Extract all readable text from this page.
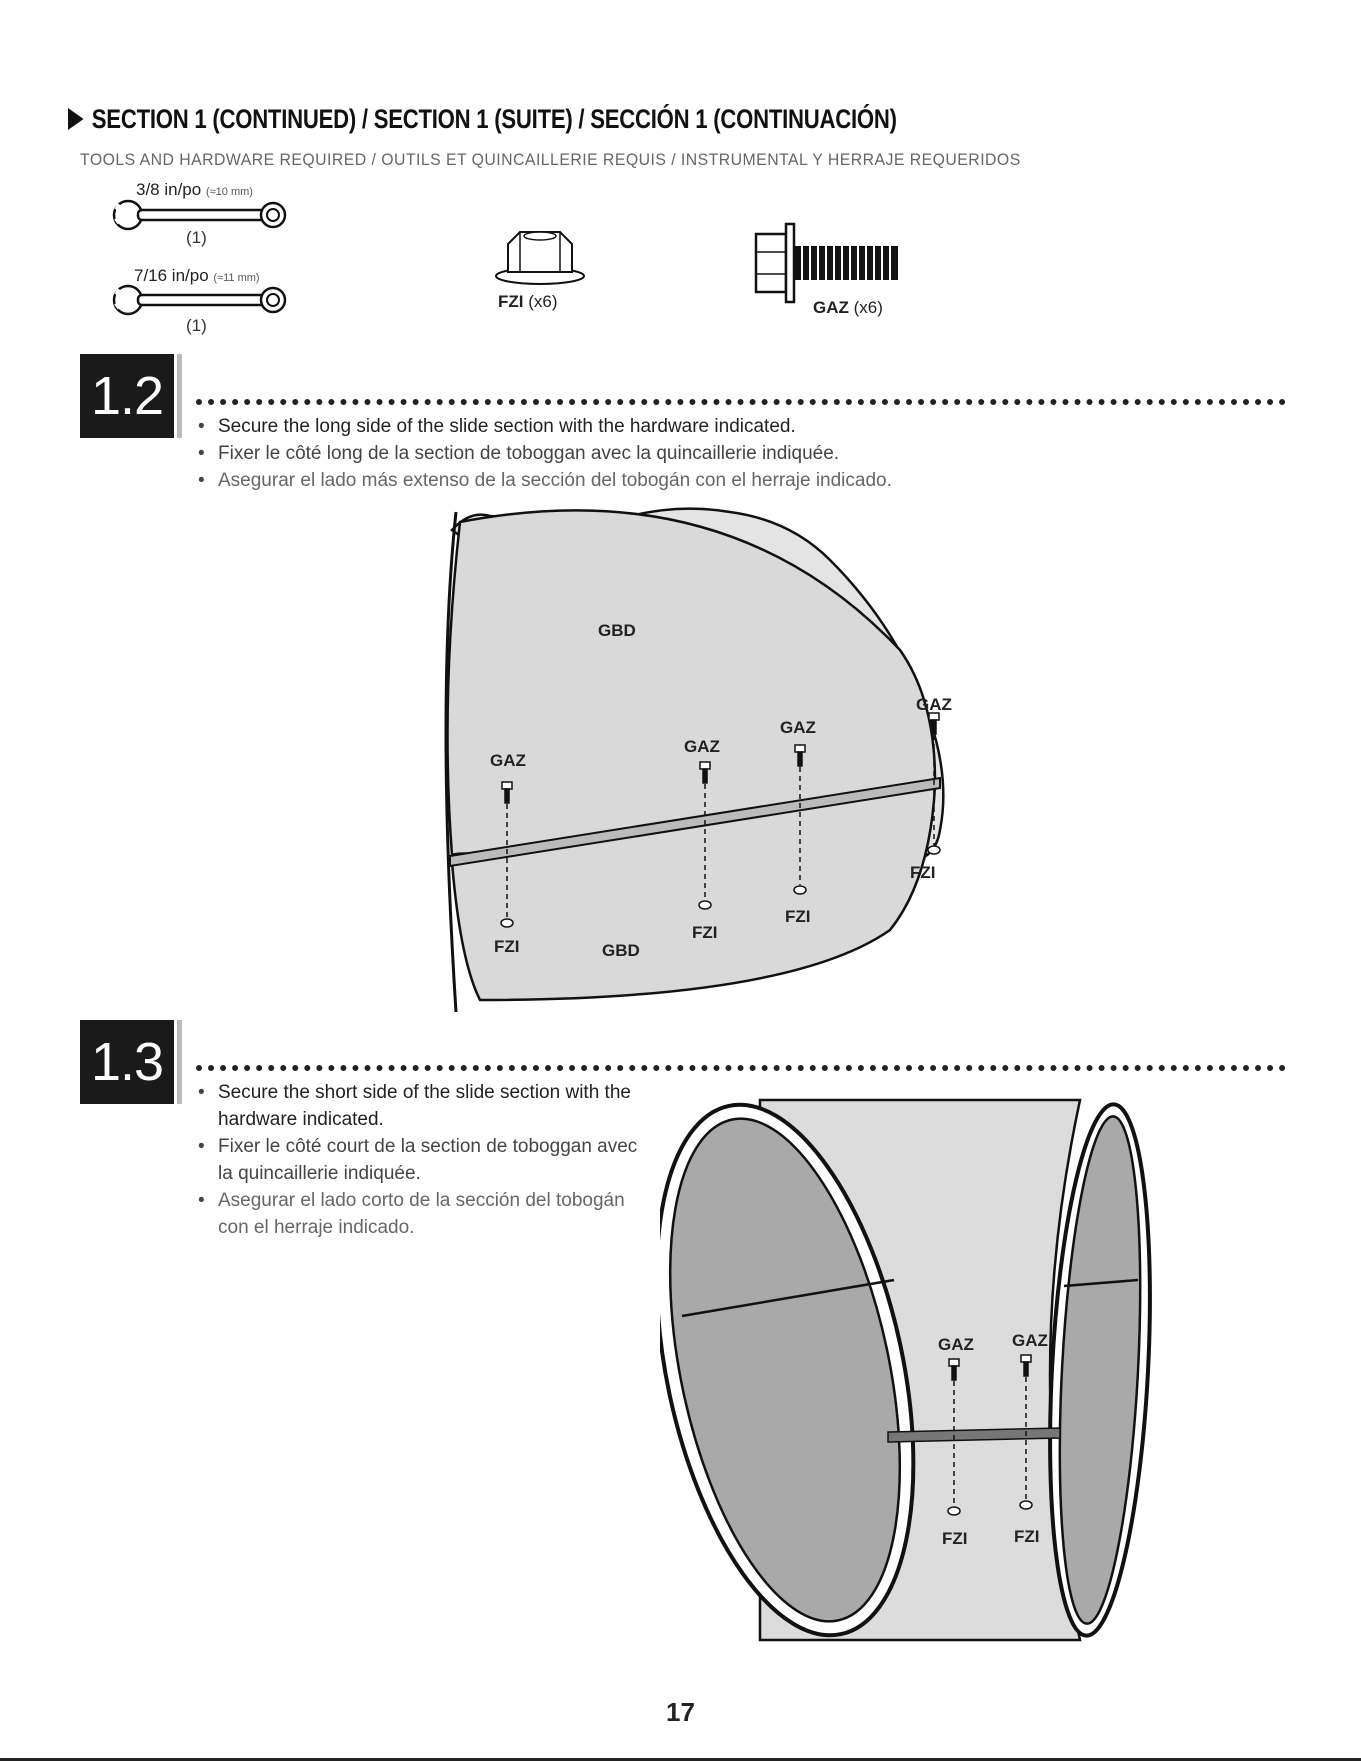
SECTION 1 (CONTINUED) / SECTION 1 (SUITE) / SECCIÓN 1 (CONTINUACIÓN)
TOOLS AND HARDWARE REQUIRED / OUTILS ET QUINCAILLERIE REQUIS / INSTRUMENTAL Y HERRAJE REQUERIDOS
3/8 in/po (≈10 mm)
(1)
7/16 in/po (≈11 mm)
(1)
FZI (x6)	GAZ (x6)
1.2
• Secure the long side of the slide section with the hardware indicated.
• Fixer le côté long de la section de toboggan avec la quincaillerie indiquée.
• Asegurar el lado más extenso de la sección del tobogán con el herraje indicado.
GBD
GBD
GAZ
GAZ
GAZ
GAZ
FZI
FZI
FZI
FZI
1.3
• Secure the short side of the slide section with the hardware indicated.
• Fixer le côté court de la section de toboggan avec la quincaillerie indiquée.
• Asegurar el lado corto de la sección del tobogán con el herraje indicado.
GAZ GAZ
FZI	FZI
17
